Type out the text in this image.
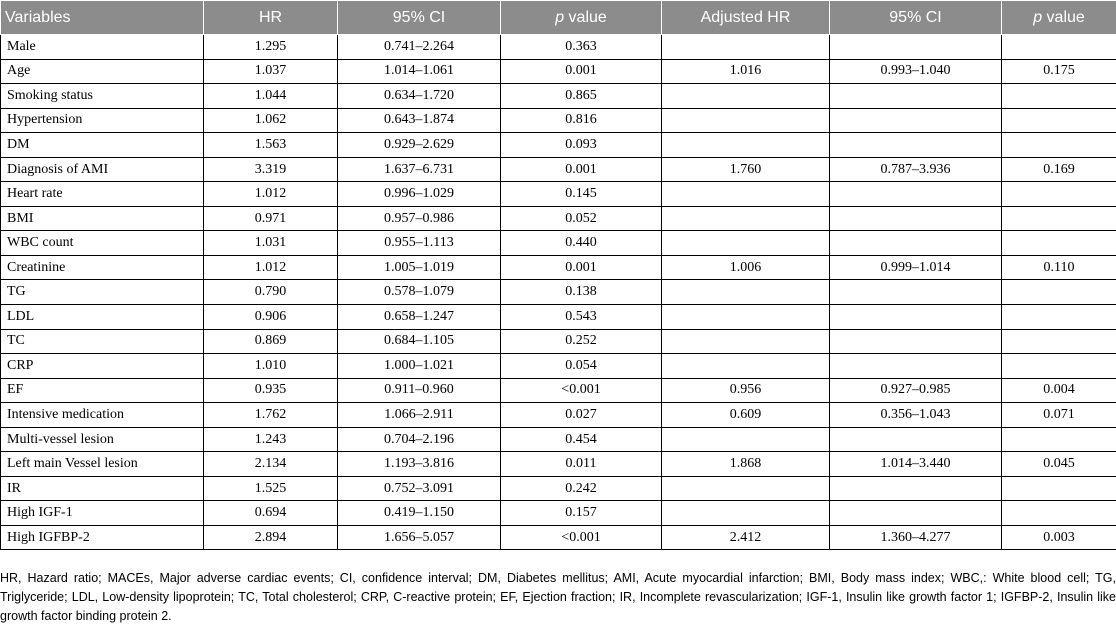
Variables	HR	95% CI	p value	Adjusted HR	95% CI	p value
Male	1.295	0.741–2.264	0.363			
Age	1.037	1.014–1.061	0.001	1.016	0.993–1.040	0.175
Smoking status	1.044	0.634–1.720	0.865			
Hypertension	1.062	0.643–1.874	0.816			
DM	1.563	0.929–2.629	0.093			
Diagnosis of AMI	3.319	1.637–6.731	0.001	1.760	0.787–3.936	0.169
Heart rate	1.012	0.996–1.029	0.145			
BMI	0.971	0.957–0.986	0.052			
WBC count	1.031	0.955–1.113	0.440			
Creatinine	1.012	1.005–1.019	0.001	1.006	0.999–1.014	0.110
TG	0.790	0.578–1.079	0.138			
LDL	0.906	0.658–1.247	0.543			
TC	0.869	0.684–1.105	0.252			
CRP	1.010	1.000–1.021	0.054			
EF	0.935	0.911–0.960	<0.001	0.956	0.927–0.985	0.004
Intensive medication	1.762	1.066–2.911	0.027	0.609	0.356–1.043	0.071
Multi-vessel lesion	1.243	0.704–2.196	0.454			
Left main Vessel lesion	2.134	1.193–3.816	0.011	1.868	1.014–3.440	0.045
IR	1.525	0.752–3.091	0.242			
High IGF-1	0.694	0.419–1.150	0.157			
High IGFBP-2	2.894	1.656–5.057	<0.001	2.412	1.360–4.277	0.003
HR, Hazard ratio; MACEs, Major adverse cardiac events; CI, confidence interval; DM, Diabetes mellitus; AMI, Acute myocardial infarction; BMI, Body mass index; WBC,: White blood cell; TG, Triglyceride; LDL, Low-density lipoprotein; TC, Total cholesterol; CRP, C-reactive protein; EF, Ejection fraction; IR, Incomplete revascularization; IGF-1, Insulin like growth factor 1; IGFBP-2, Insulin like growth factor binding protein 2.
